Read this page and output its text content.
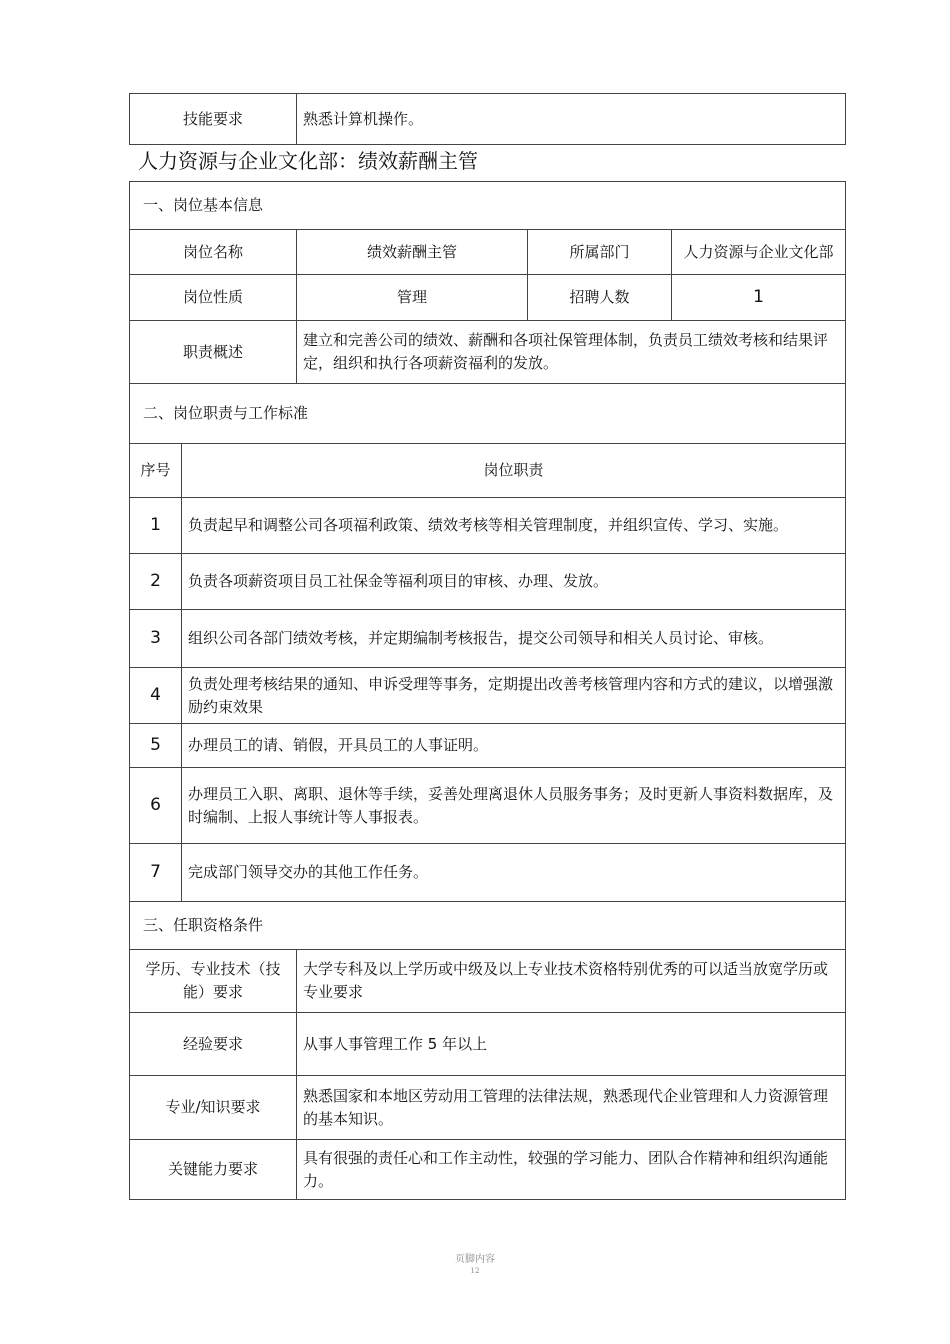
技能要求	熟悉计算机操作。
人力资源与企业文化部：绩效薪酬主管
一、岗位基本信息				
岗位名称		绩效薪酬主管	所属部门	人力资源与企业文化部
岗位性质		管理	招聘人数	1
职责概述		建立和完善公司的绩效、薪酬和各项社保管理体制，负责员工绩效考核和结果评定，组织和执行各项薪资福利的发放。		
二、岗位职责与工作标准				
序号	岗位职责			
1	负责起早和调整公司各项福利政策、绩效考核等相关管理制度，并组织宣传、学习、实施。			
2	负责各项薪资项目员工社保金等福利项目的审核、办理、发放。			
3	组织公司各部门绩效考核，并定期编制考核报告，提交公司领导和相关人员讨论、审核。			
4	负责处理考核结果的通知、申诉受理等事务，定期提出改善考核管理内容和方式的建议，以增强激励约束效果			
5	办理员工的请、销假，开具员工的人事证明。			
6	办理员工入职、离职、退休等手续，妥善处理离退休人员服务事务；及时更新人事资料数据库，及时编制、上报人事统计等人事报表。			
7	完成部门领导交办的其他工作任务。			
三、任职资格条件				
学历、专业技术（技能）要求		大学专科及以上学历或中级及以上专业技术资格特别优秀的可以适当放宽学历或专业要求		
经验要求		从事人事管理工作 5 年以上		
专业/知识要求		熟悉国家和本地区劳动用工管理的法律法规，熟悉现代企业管理和人力资源管理的基本知识。		
关键能力要求		具有很强的责任心和工作主动性，较强的学习能力、团队合作精神和组织沟通能力。		
页脚内容
12
